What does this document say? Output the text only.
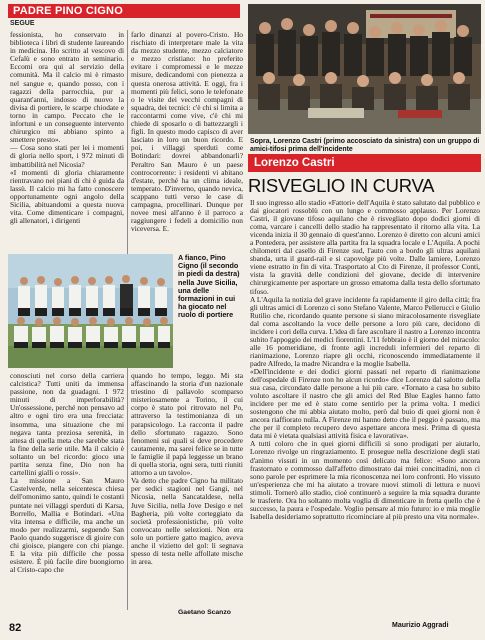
PADRE PINO CIGNO
SEGUE

fessionista, ho conservato in biblioteca i libri di studente laureando in medicina. Ho scritto al vescovo di Cefalù e sono entrato in seminario. Eccomi ora qui al servizio della comunità. Ma il calcio mi è rimasto nel sangue e, quando posso, con i ragazzi della parrocchia, pur a quarant'anni, indosso di nuovo la divisa di portiere, le scarpe chiodate e torno in campo. Peccato che le infortuni e un conseguente intervento chirurgico mi abbiano spinto a smettere presto».

— Cosa sono stati per lei i momenti di gloria nello sport, i 972 minuti di imbattibilità nel Nicosia?

«I momenti di gloria chiaramente rientravano nei piani di chi è guida da lassù. Il calcio mi ha fatto conoscere opportunamente ogni angolo della Sicilia, abituandomi a questa nuova vita. Come dimenticare i compagni, gli allenatori, i dirigenti

farlo dinanzi al povero-Cristo. Ho rischiato di interpretare male la vita da mezzo studente, mezzo calciatore e mezzo cristiano: ho preferito evitare i compromessi e le mezze misure, dedicandomi con pienezza a questa onerosa attività. E oggi, fra i momenti più felici, sono le telefonate o le visite dei vecchi compagni di squadra, dei tecnici: c'è chi si limita a raccontarmi come vive, c'è chi mi chiede di sposarlo o di battezzargli i figli. In questo modo capisco di aver lasciato in loro un buon ricordo. E poi, i villaggi sperduti come Botindari: dovrei abbandonarli? Peraltro San Mauro è un paese controcorrente: i residenti vi abitano d'estate, perché ha un clima ideale, temperato. D'inverno, quando nevica, scappano tutti verso le case di campagna, procellinari. Dunque per novee mesi all'anno è il parroco a raggiungere i fedeli a domicilio non viceversa. E.

A fianco, Pino Cigno (il secondo in piedi da destra) nella Juve Sicilia, una delle formazioni in cui ha giocato nel ruolo di portiere

conosciuti nel corso della carriera calcistica? Tutti uniti da immensa passione, non da guadagni. I 972 minuti di imperforabilità? Un'ossessione, perché non pensavo ad altro e ogni tiro era una frecciata: insomma, una situazione che mi negava tanta preziosa serenità, in attesa di quella meta che sarebbe stata la fine della serie utile. Ma il calcio è soltanto un bel ricordo: gioco una partita senza fine, Dio non ha cartellini gialli o rossi».

La missione a San Mauro Castelverde, nella seicentesca chiesa dell'omonimo santo, quindi le costanti puntate nei villaggi sperduti di Karsa, Borrello, Mallia e Botindari. «Una vita intensa e difficile, ma anche un modo per realizzarmi, seguendo San Paolo quando suggerisce di gioire con chi gioisce, piangere con chi piange. E la vita più difficile che possa esistere. È più facile dire buongiorno al Cristo-capo che

quando ho tempo, leggo. Mi sta affascinando la storia d'un nazionale triestino di pallavolo scomparso misteriosamente a Torino, il cui corpo è stato poi ritrovato nel Po, attraverso la testimonianza di un parapsicologo. La racconta il padre dello sfortunato ragazzo. Sono fenomeni sui quali si deve procedere cautamente, ma sarei felice se in tutte le famiglie il papà leggesse un brano di quella storia, ogni sera, tutti riuniti attorno a un tavolo».

Va detto che padre Cigno ha militato per sedici stagioni nel Gangi, nel Nicosia, nella Sancataldese, nella Juve Sicilia, nella Jove Desigo e nel Bagheria, più volte corteggiato da società professionistiche, più volte convocato nelle selezioni. Non era solo un portiere gatto magico, aveva anche il vizietto del gol: lì segnava spesso di testa nelle affollate mische in area.

Gaetano Scanzo
82
Sopra, Lorenzo Castri (primo accosciato da sinistra) con un gruppo di amici-tifosi prima dell'incidente
Lorenzo Castri
RISVEGLIO IN CURVA

Il suo ingresso allo stadio «Fattori» dell'Aquila è stato salutato dal pubblico e dai giocatori rossoblù con un lungo e commosso applauso. Per Lorenzo Castri, il giovane tifoso aquilano che è risvegliato dopo dodici giorni di coma, varcare i cancelli dello stadio ha rappresentato il ritorno alla vita. La vicenda inizia il 30 gennaio di quest'anno. Lorenzo è diretto con alcuni amici a Pontedera, per assistere alla partita fra la squadra locale e L'Aquila. A pochi chilometri dal casello di Firenze sud, l'auto con a bordo gli ultras aquilani sbanda, urta il guard-rail e si capovolge più volte. Dalle lamiere, Lorenzo viene estratto in fin di vita. Trasportato al Cto di Firenze, il professor Conti, vista la gravità delle condizioni del giovane, decide di intervenire chirurgicamente per asportare un grosso ematoma dalla testa dello sfortunato tifoso.

A L'Aquila la notizia del grave incidente fa rapidamente il giro della città; fra gli ultras amici di Lorenzo ci sono Stefano Valente, Marco Pellerucci e Giulio Rutilio che, ricordando quante persone si siano miracolosamente risvegliate dal coma ascoltando la voce delle persone a loro più care, decidono di incidere i cori della curva. L'idea di fare ascoltare il nastro a Lorenzo incontra subito l'appoggio dei medici fiorentini. L'11 febbraio è il giorno del miracolo: alle 16 pomeridiane, di fronte agli increduli infermieri del reparto di rianimazione, Lorenzo riapre gli occhi, riconoscendo immediatamente il padre Alfredo, la madre Nicandra e la moglie Isabella.

«Dell'incidente e dei dodici giorni passati nel reparto di rianimazione dell'ospedale di Firenze non ho alcun ricordo» dice Lorenzo dal salotto della sua casa, circondato dalle persone a lui più care. «Tornato a casa ho subito voluto ascoltare il nastro che gli amici del Red Blue Eagles hanno fatto incidere per me ed è stato come sentirlo per la prima volta. I medici sostengono che mi abbia aiutato molto, però dal buio di quei giorni non è ancora riaffiorato nulla. A Firenze mi hanno detto che il peggio è passato, ma che per il completo recupero devo aspettare ancora mesi. Prima di questa data mi è vietata qualsiasi attività fisica e lavorativa».

A tutti coloro che in quei giorni difficili si sono prodigati per aiutarlo, Lorenzo rivolge un ringraziamento. E prosegue nella descrizione degli stati d'animo vissuti in un momento così delicato ma felice: «Sono ancora frastornato e commosso dall'affetto dimostrato dai miei concittadini, non ci sono parole per esprimere la mia riconoscenza nei loro confronti. Ho vissuto un'esperienza che mi ha aiutato a trovare nuovi stimoli di lettura e nuovi stimoli. Tornerò allo stadio, cioè continuerò a seguire la mia squadra durante le trasferte. Ora ho soltanto molta voglia di dimenticare in fretta quello che è successo, la paura e l'ospedale. Voglio pensare al mio futuro: io e mia moglie Isabella desideriamo soprattutto ricominciare al più presto una vita normale».

Maurizio Aggradi
